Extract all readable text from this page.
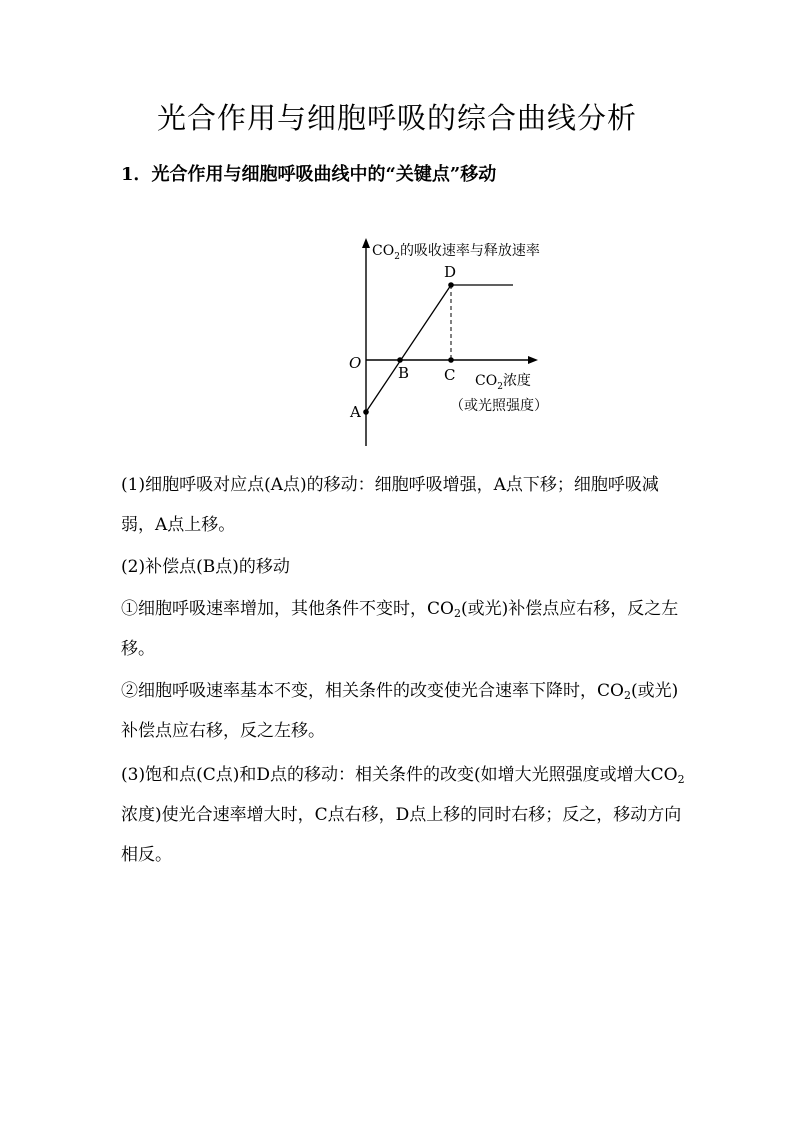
光合作用与细胞呼吸的综合曲线分析
1．光合作用与细胞呼吸曲线中的“关键点”移动
$CO_2$的吸收速率与释放速率
D
O
B C $CO_2$浓度
（或光照强度）
A
(1)细胞呼吸对应点(A点)的移动：细胞呼吸增强，A点下移；细胞呼吸减弱，A点上移。
(2)补偿点(B点)的移动
①细胞呼吸速率增加，其他条件不变时，$CO_2$(或光)补偿点应右移，反之左移。
②细胞呼吸速率基本不变，相关条件的改变使光合速率下降时，$CO_2$(或光)补偿点应右移，反之左移。
(3)饱和点(C点)和D点的移动：相关条件的改变(如增大光照强度或增大$CO_2$浓度)使光合速率增大时，C点右移，D点上移的同时右移；反之，移动方向相反。
